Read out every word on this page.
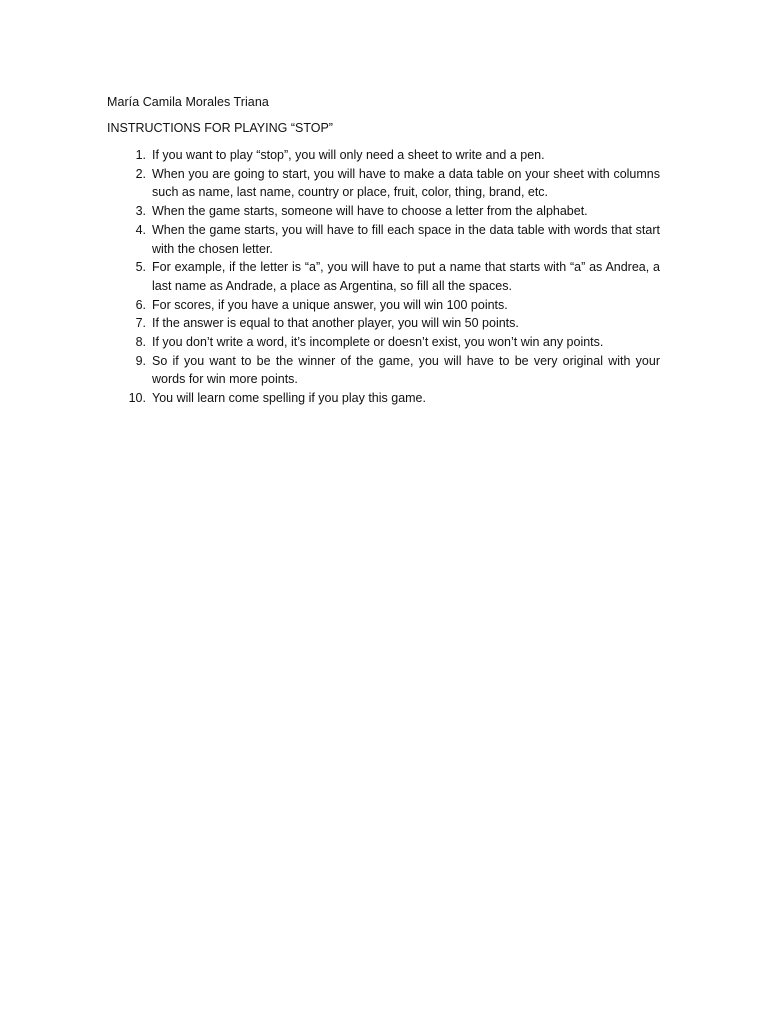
María Camila Morales Triana

INSTRUCTIONS FOR PLAYING “STOP”

1. If you want to play “stop”, you will only need a sheet to write and a pen.
2. When you are going to start, you will have to make a data table on your sheet with columns such as name, last name, country or place, fruit, color, thing, brand, etc.
3. When the game starts, someone will have to choose a letter from the alphabet.
4. When the game starts, you will have to fill each space in the data table with words that start with the chosen letter.
5. For example, if the letter is “a”, you will have to put a name that starts with “a” as Andrea, a last name as Andrade, a place as Argentina, so fill all the spaces.
6. For scores, if you have a unique answer, you will win 100 points.
7. If the answer is equal to that another player, you will win 50 points.
8. If you don’t write a word, it’s incomplete or doesn’t exist, you won’t win any points.
9. So if you want to be the winner of the game, you will have to be very original with your words for win more points.
10. You will learn come spelling if you play this game.
